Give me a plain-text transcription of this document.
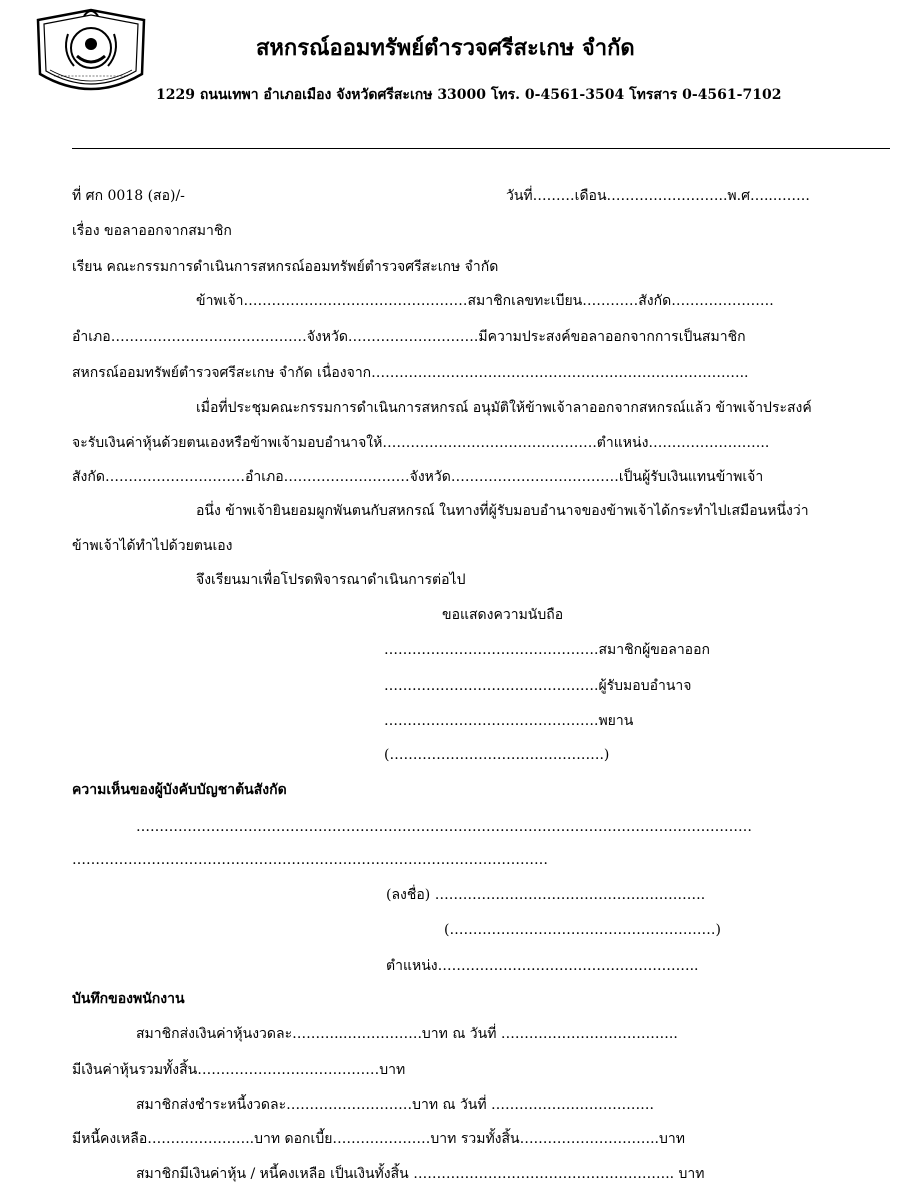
สหกรณ์ออมทรัพย์ตำรวจศรีสะเกษ จำกัด
1229 ถนนเทพา อำเภอเมือง จังหวัดศรีสะเกษ 33000 โทร. 0-4561-3504 โทรสาร 0-4561-7102
ที่ ศก 0018 (สอ)/-	วันที่………เดือน……………………..พ.ศ…...…….
เรื่อง ขอลาออกจากสมาชิก
เรียน คณะกรรมการดำเนินการสหกรณ์ออมทรัพย์ตำรวจศรีสะเกษ จำกัด
ข้าพเจ้า…………………………………………สมาชิกเลขทะเบียน…………สังกัด………………….
อำเภอ……………………………………จังหวัด……………………….มีความประสงค์ขอลาออกจากการเป็นสมาชิก
สหกรณ์ออมทรัพย์ตำรวจศรีสะเกษ จำกัด เนื่องจาก……………………….……………………………………………..
เมื่อที่ประชุมคณะกรรมการดำเนินการสหกรณ์ อนุมัติให้ข้าพเจ้าลาออกจากสหกรณ์แล้ว ข้าพเจ้าประสงค์
จะรับเงินค่าหุ้นด้วยตนเองหรือข้าพเจ้ามอบอำนาจให้……………………………………….ตำแหน่ง……………………..
สังกัด…………………………อำเภอ………………………จังหวัด………………………………เป็นผู้รับเงินแทนข้าพเจ้า
อนึ่ง ข้าพเจ้ายินยอมผูกพันตนกับสหกรณ์ ในทางที่ผู้รับมอบอำนาจของข้าพเจ้าได้กระทำไปเสมือนหนึ่งว่า
ข้าพเจ้าได้ทำไปด้วยตนเอง
จึงเรียนมาเพื่อโปรดพิจารณาดำเนินการต่อไป
ขอแสดงความนับถือ
……………………………………….สมาชิกผู้ขอลาออก
……………………………………….ผู้รับมอบอำนาจ
……………………………………….พยาน
(……………………………………….)
ความเห็นของผู้บังคับบัญชาต้นสังกัด
……………………………………………………………………………………………………………………
…………………………………………………………………………………………
(ลงชื่อ) ………………………………………………….
(…………………………………………………)
ตำแหน่ง………………………………………………..
บันทึกของพนักงาน
สมาชิกส่งเงินค่าหุ้นงวดละ………...…………….บาท ณ วันที่ ………………………………..
มีเงินค่าหุ้นรวมทั้งสิ้น…………………………………บาท
สมาชิกส่งชำระหนี้งวดละ………………………บาท ณ วันที่ ……………….…………….
มีหนี้คงเหลือ…………………..บาท ดอกเบี้ย…………………บาท รวมทั้งสิ้น….……………………..บาท
สมาชิกมีเงินค่าหุ้น / หนี้คงเหลือ เป็นเงินทั้งสิ้น ……………………………………………….. บาท
